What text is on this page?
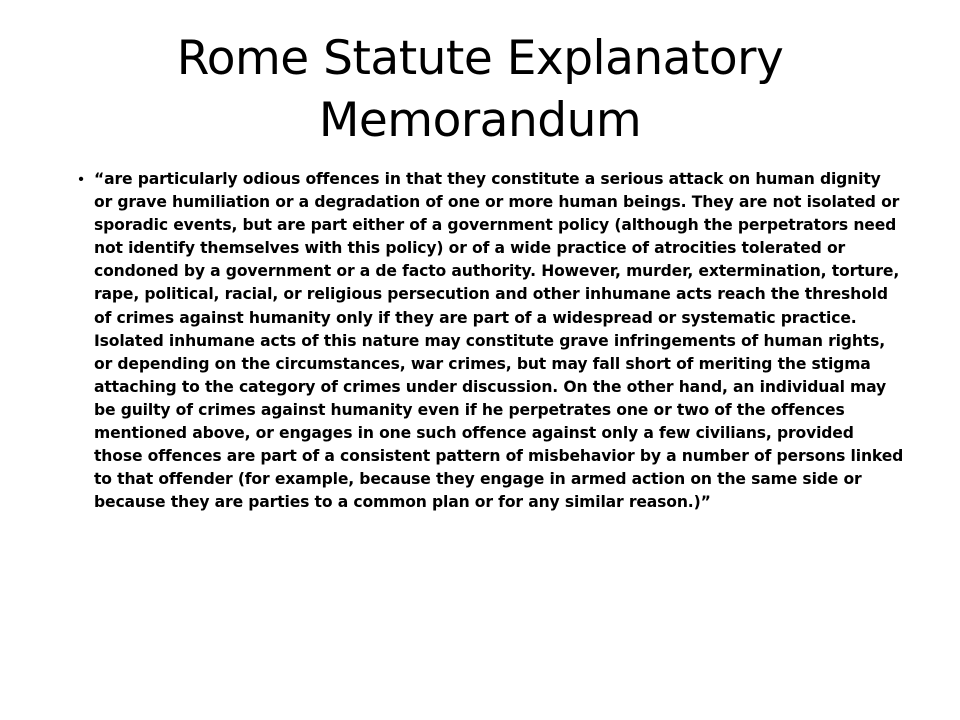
Rome Statute Explanatory Memorandum
• “are particularly odious offences in that they constitute a serious attack on human dignity or grave humiliation or a degradation of one or more human beings. They are not isolated or sporadic events, but are part either of a government policy (although the perpetrators need not identify themselves with this policy) or of a wide practice of atrocities tolerated or condoned by a government or a de facto authority. However, murder, extermination, torture, rape, political, racial, or religious persecution and other inhumane acts reach the threshold of crimes against humanity only if they are part of a widespread or systematic practice. Isolated inhumane acts of this nature may constitute grave infringements of human rights, or depending on the circumstances, war crimes, but may fall short of meriting the stigma attaching to the category of crimes under discussion. On the other hand, an individual may be guilty of crimes against humanity even if he perpetrates one or two of the offences mentioned above, or engages in one such offence against only a few civilians, provided those offences are part of a consistent pattern of misbehavior by a number of persons linked to that offender (for example, because they engage in armed action on the same side or because they are parties to a common plan or for any similar reason.)”
